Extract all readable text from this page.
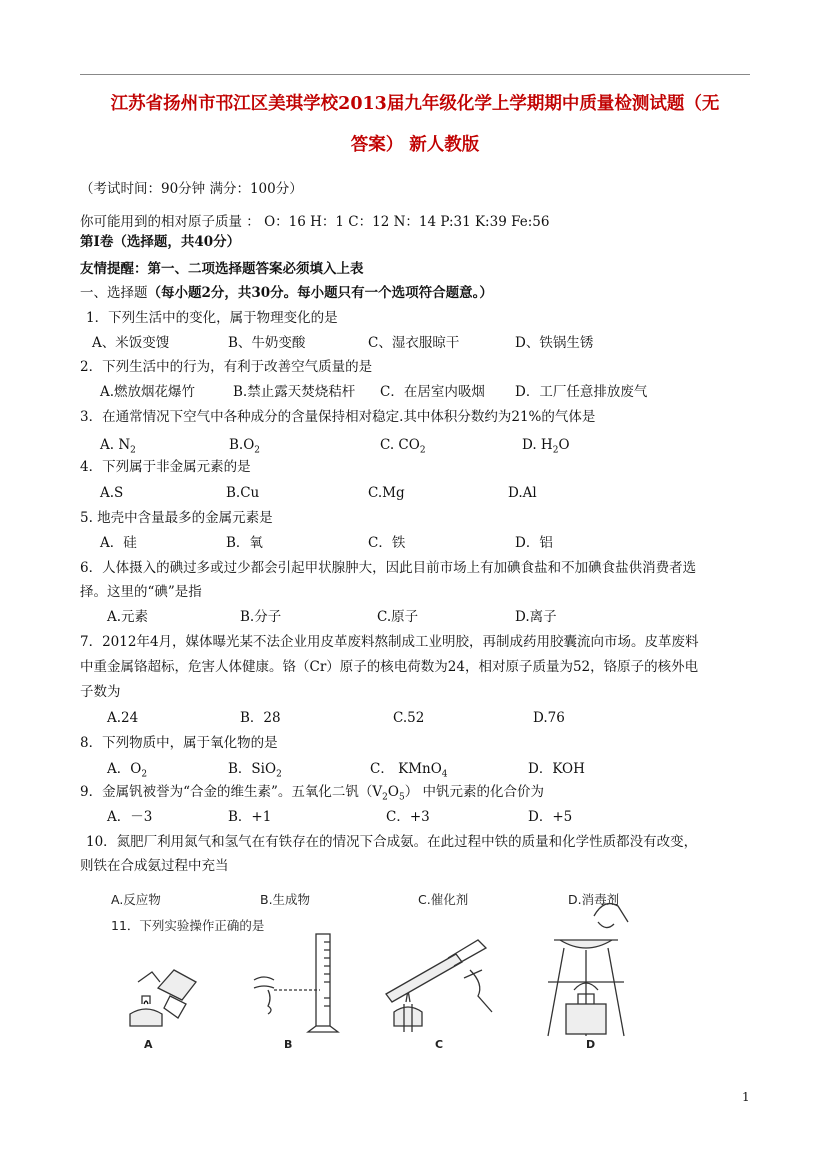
江苏省扬州市邗江区美琪学校2013届九年级化学上学期期中质量检测试题（无
答案） 新人教版
（考试时间：90分钟 满分：100分）
你可能用到的相对原子质量 ： O：16 H：1 C：12 N：14 P:31 K:39 Fe:56
第Ⅰ卷（选择题，共40分）
友情提醒：第一、二项选择题答案必须填入上表
一、选择题（每小题2分，共30分。每小题只有一个选项符合题意。）
1．下列生活中的变化，属于物理变化的是
A、米饭变馊	B、牛奶变酸	C、湿衣服晾干	D、铁锅生锈
2．下列生活中的行为，有利于改善空气质量的是
A.燃放烟花爆竹	B.禁止露天焚烧秸杆 C．在居室内吸烟 D．工厂任意排放废气
3．在通常情况下空气中各种成分的含量保持相对稳定.其中体积分数约为21%的气体是
A. $N_2$	$B.O_2$	C. $CO_2$	D. $H_2O$
4．下列属于非金属元素的是
A.S	B.Cu	C.Mg	D.Al
5. 地壳中含量最多的金属元素是
A．硅	B．氧	C．铁	D．铝
6．人体摄入的碘过多或过少都会引起甲状腺肿大，因此目前市场上有加碘食盐和不加碘食盐供消费者选
择。这里的“碘”是指
A.元素	B.分子	C.原子	D.离子
7．2012年4月，媒体曝光某不法企业用皮革废料熬制成工业明胶，再制成药用胶囊流向市场。皮革废料
中重金属铬超标，危害人体健康。铬（Cr）原子的核电荷数为24，相对原子质量为52，铬原子的核外电
子数为
A.24	B．28	C.52	D.76
8．下列物质中，属于氧化物的是
A．$O_2$	B．SiO$_2$	C． KMnO$_4$	D．KOH
9．金属钒被誉为“合金的维生素”。五氧化二钒$(V_2O_5)$ 中钒元素的化合价为
A．－3	B．+1	C．+3	D．+5
10．氮肥厂利用氮气和氢气在有铁存在的情况下合成氨。在此过程中铁的质量和化学性质都没有改变，
则铁在合成氨过程中充当
A.反应物	B.生成物	C.催化剂	D.消毒剂
11．下列实验操作正确的是
A	B	C	D
1
